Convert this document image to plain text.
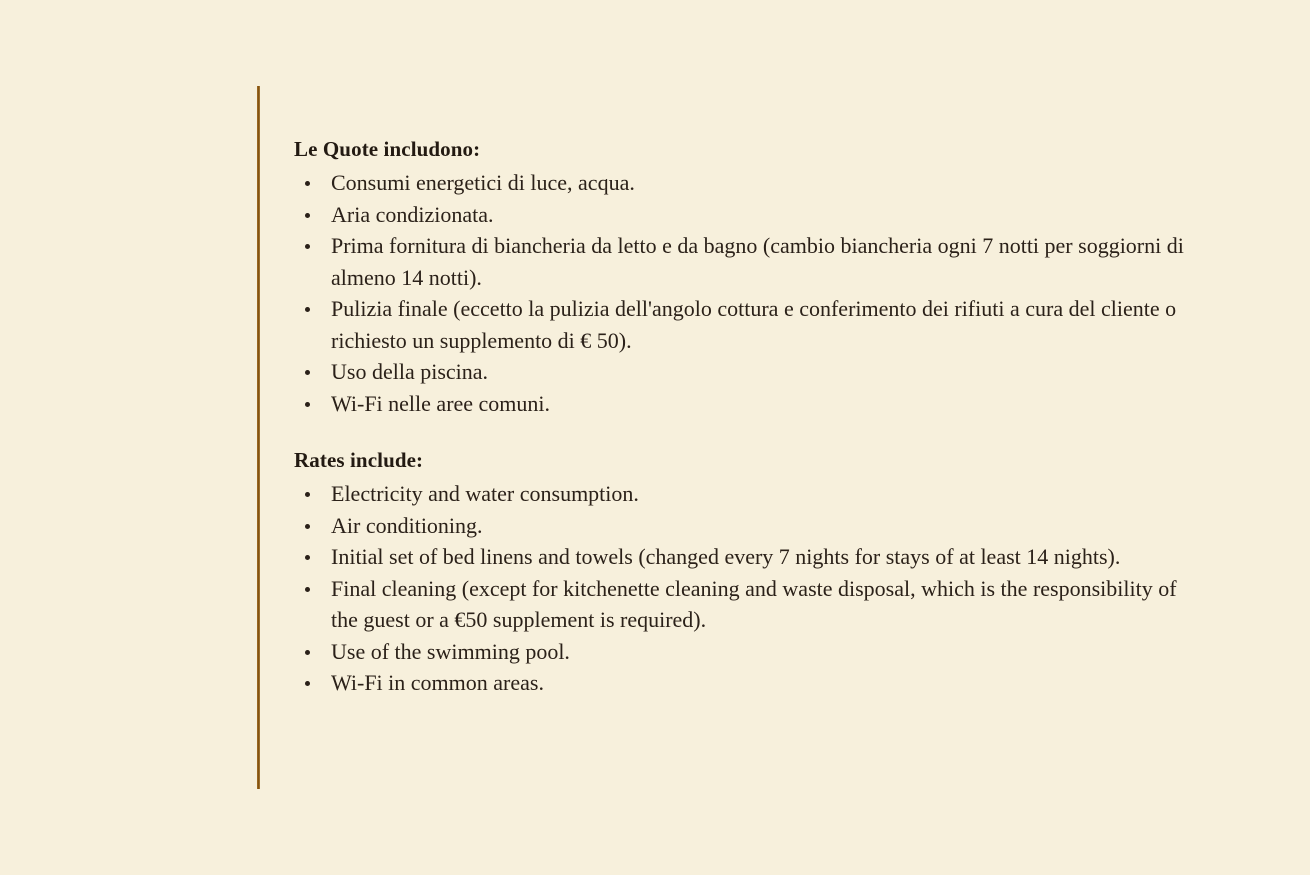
Le Quote includono:
Consumi energetici di luce, acqua.
Aria condizionata.
Prima fornitura di biancheria da letto e da bagno (cambio biancheria ogni 7 notti per soggiorni di almeno 14 notti).
Pulizia finale (eccetto la pulizia dell'angolo cottura e conferimento dei rifiuti a cura del cliente o richiesto un supplemento di € 50).
Uso della piscina.
Wi-Fi nelle aree comuni.
Rates include:
Electricity and water consumption.
Air conditioning.
Initial set of bed linens and towels (changed every 7 nights for stays of at least 14 nights).
Final cleaning (except for kitchenette cleaning and waste disposal, which is the responsibility of the guest or a €50 supplement is required).
Use of the swimming pool.
Wi-Fi in common areas.
